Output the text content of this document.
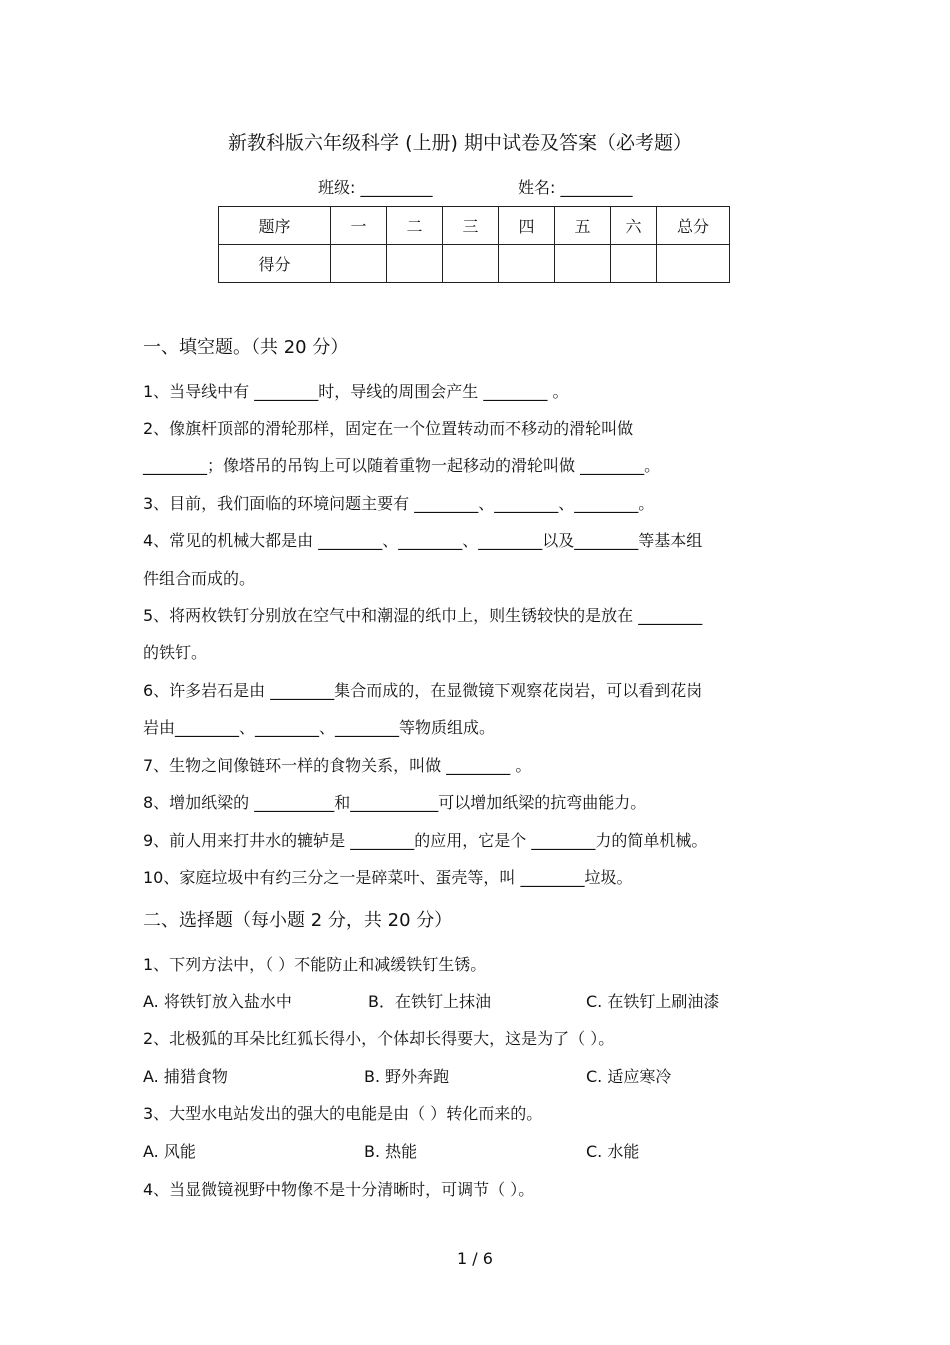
新教科版六年级科学 (上册) 期中试卷及答案（必考题）
班级: _________	姓名: _________
题序	一	二	三	四	五	六	总分
得分							
一、填空题。（共 20 分）
1、当导线中有 ________时，导线的周围会产生 ________ 。
2、像旗杆顶部的滑轮那样，固定在一个位置转动而不移动的滑轮叫做
________；像塔吊的吊钩上可以随着重物一起移动的滑轮叫做 ________。
3、目前，我们面临的环境问题主要有 ________、________、________。
4、常见的机械大都是由 ________、________、________以及________等基本组
件组合而成的。
5、将两枚铁钉分别放在空气中和潮湿的纸巾上，则生锈较快的是放在 ________
的铁钉。
6、许多岩石是由 ________集合而成的，在显微镜下观察花岗岩，可以看到花岗
岩由________、________、________等物质组成。
7、生物之间像链环一样的食物关系，叫做 ________ 。
8、增加纸梁的 __________和___________可以增加纸梁的抗弯曲能力。
9、前人用来打井水的辘轳是 ________的应用，它是个 ________力的简单机械。
10、家庭垃圾中有约三分之一是碎菜叶、蛋壳等，叫 ________垃圾。
二、选择题（每小题 2 分，共 20 分）
1、下列方法中，（ ）不能防止和减缓铁钉生锈。
A. 将铁钉放入盐水中	B．在铁钉上抹油	C. 在铁钉上刷油漆
2、北极狐的耳朵比红狐长得小，个体却长得要大，这是为了（ ）。
A. 捕猎食物	B. 野外奔跑	C. 适应寒冷
3、大型水电站发出的强大的电能是由（ ）转化而来的。
A. 风能	B. 热能	C. 水能
4、当显微镜视野中物像不是十分清晰时，可调节（ ）。
1 / 6
